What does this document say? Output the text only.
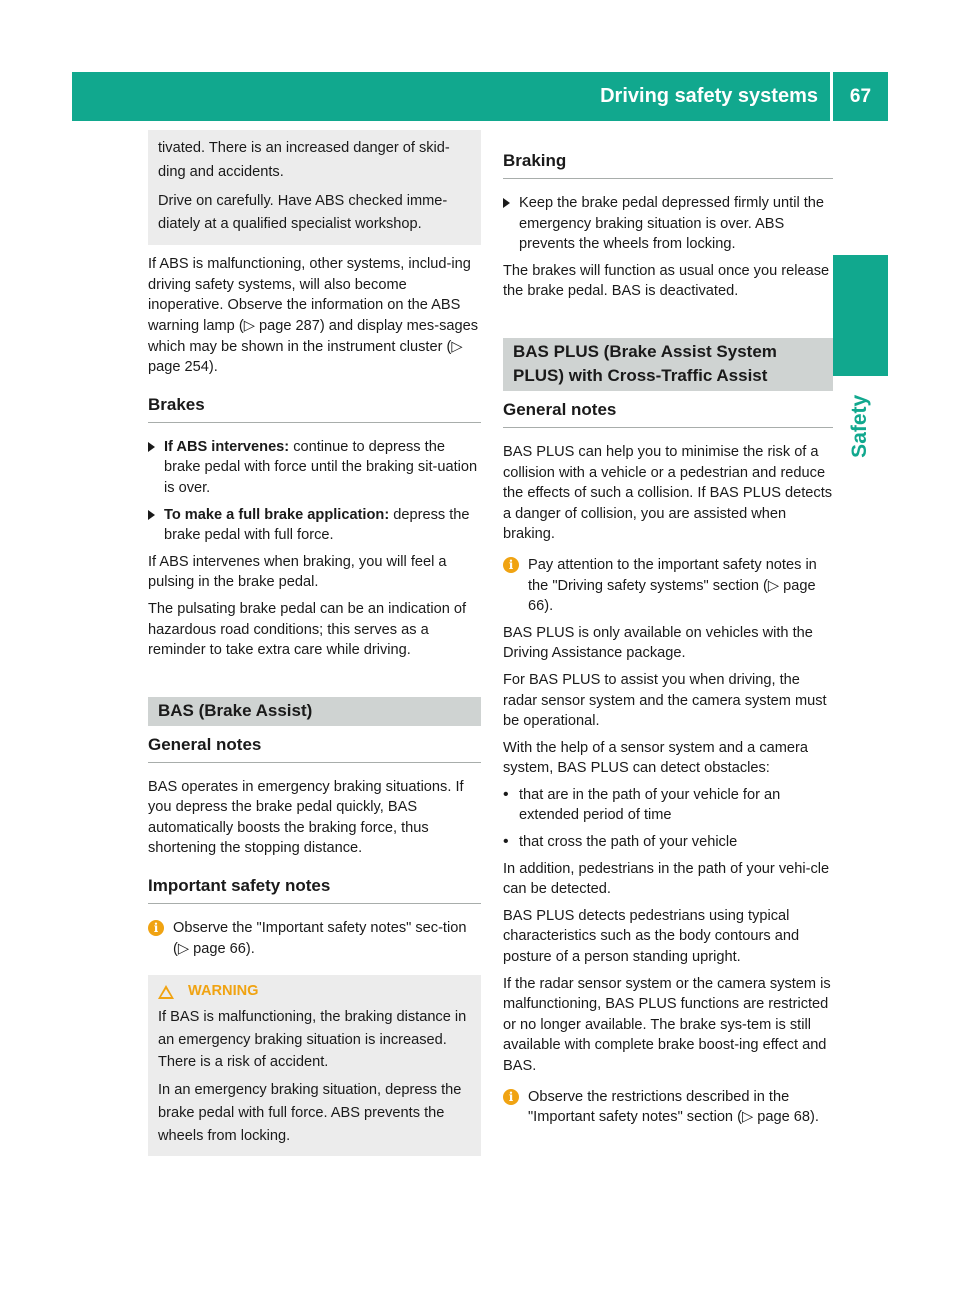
Driving safety systems	67
Safety

tivated. There is an increased danger of skid-ding and accidents.

Drive on carefully. Have ABS checked imme-diately at a qualified specialist workshop.

If ABS is malfunctioning, other systems, includ-ing driving safety systems, will also become inoperative. Observe the information on the ABS warning lamp (▷ page 287) and display mes-sages which may be shown in the instrument cluster (▷ page 254).

Brakes
If ABS intervenes: continue to depress the brake pedal with force until the braking sit-uation is over.
To make a full brake application: depress the brake pedal with full force.

If ABS intervenes when braking, you will feel a pulsing in the brake pedal.

The pulsating brake pedal can be an indication of hazardous road conditions; this serves as a reminder to take extra care while driving.

BAS (Brake Assist)
General notes

BAS operates in emergency braking situations. If you depress the brake pedal quickly, BAS automatically boosts the braking force, thus shortening the stopping distance.

Important safety notes
i
Observe the "Important safety notes" sec-tion (▷ page 66).
WARNING

If BAS is malfunctioning, the braking distance in an emergency braking situation is increased. There is a risk of accident.

In an emergency braking situation, depress the brake pedal with full force. ABS prevents the wheels from locking.

Braking
Keep the brake pedal depressed firmly until the emergency braking situation is over. ABS prevents the wheels from locking.

The brakes will function as usual once you release the brake pedal. BAS is deactivated.

BAS PLUS (Brake Assist System PLUS) with Cross-Traffic Assist
General notes

BAS PLUS can help you to minimise the risk of a collision with a vehicle or a pedestrian and reduce the effects of such a collision. If BAS PLUS detects a danger of collision, you are assisted when braking.

i
Pay attention to the important safety notes in the "Driving safety systems" section (▷ page 66).

BAS PLUS is only available on vehicles with the Driving Assistance package.

For BAS PLUS to assist you when driving, the radar sensor system and the camera system must be operational.

With the help of a sensor system and a camera system, BAS PLUS can detect obstacles:

• that are in the path of your vehicle for an extended period of time
• that cross the path of your vehicle

In addition, pedestrians in the path of your vehi-cle can be detected.

BAS PLUS detects pedestrians using typical characteristics such as the body contours and posture of a person standing upright.

If the radar sensor system or the camera system is malfunctioning, BAS PLUS functions are restricted or no longer available. The brake sys-tem is still available with complete brake boost-ing effect and BAS.

i
Observe the restrictions described in the "Important safety notes" section (▷ page 68).
